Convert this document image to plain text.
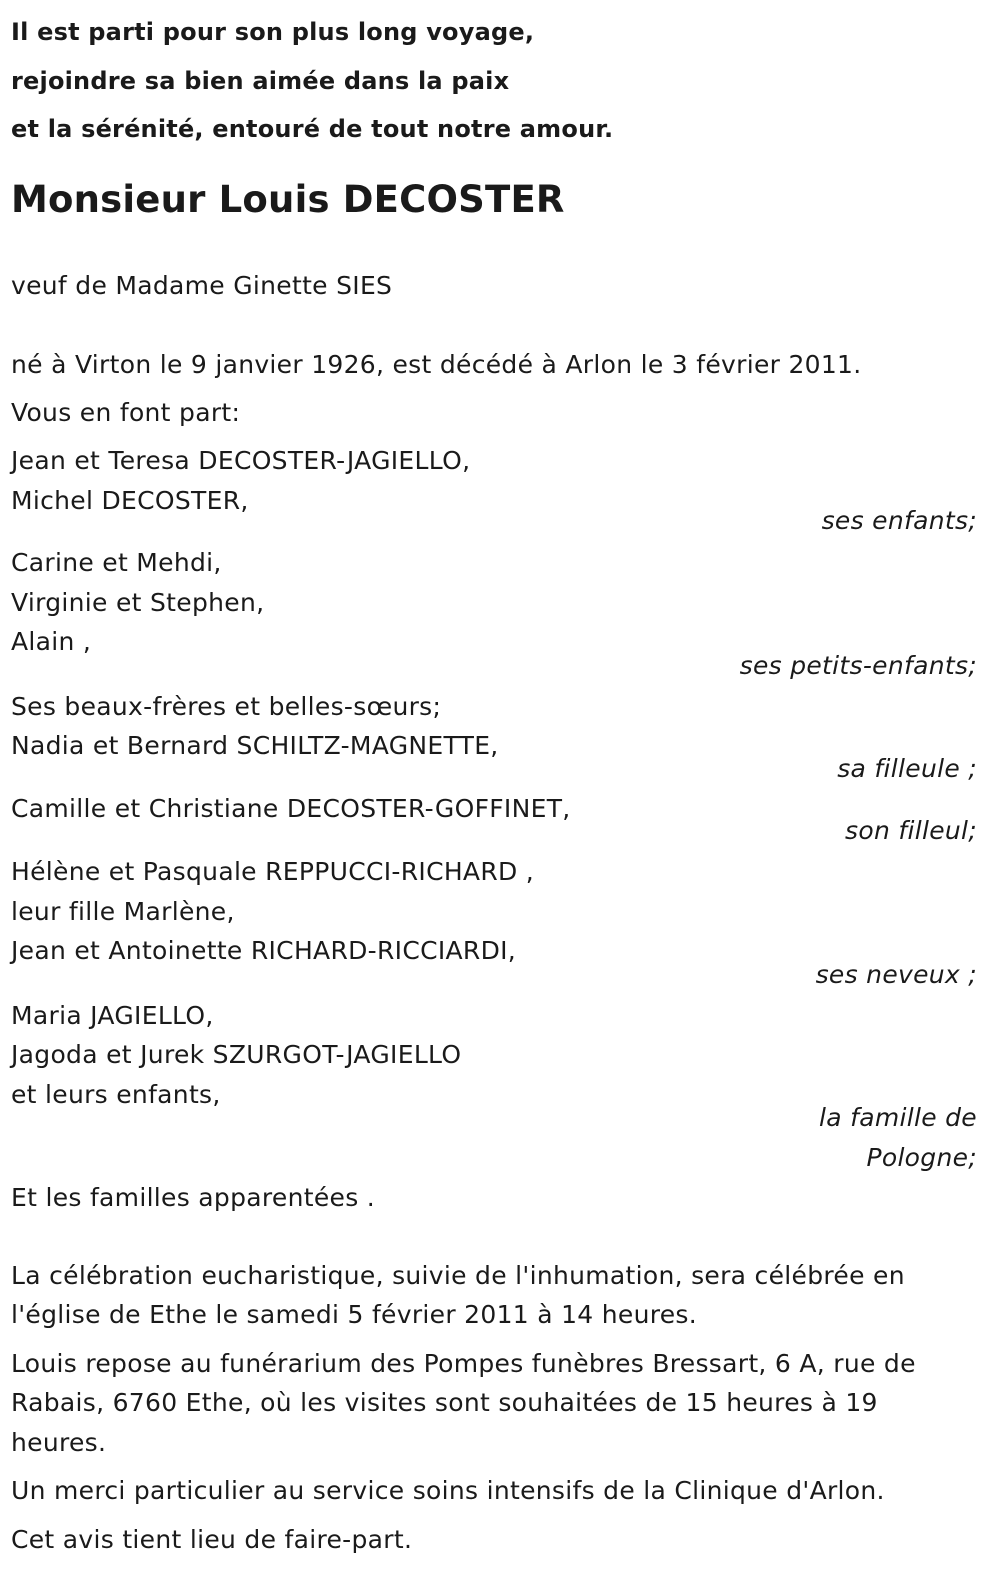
Il est parti pour son plus long voyage,
rejoindre sa bien aimée dans la paix
et la sérénité, entouré de tout notre amour.
Monsieur Louis DECOSTER
veuf de Madame Ginette SIES
né à Virton le 9 janvier 1926, est décédé à Arlon le 3 février 2011.
Vous en font part:
Jean et Teresa DECOSTER-JAGIELLO,
Michel DECOSTER,
ses enfants;
Carine et Mehdi,
Virginie et Stephen,
Alain ,
ses petits-enfants;
Ses beaux-frères et belles-sœurs;
Nadia et Bernard SCHILTZ-MAGNETTE,
sa filleule ;
Camille et Christiane DECOSTER-GOFFINET,
son filleul;
Hélène et Pasquale REPPUCCI-RICHARD ,
leur fille Marlène,
Jean et Antoinette RICHARD-RICCIARDI,
ses neveux ;
Maria JAGIELLO,
Jagoda et Jurek SZURGOT-JAGIELLO
et leurs enfants,
la famille de
Pologne;
Et les familles apparentées .
La célébration eucharistique, suivie de l'inhumation, sera célébrée en l'église de Ethe le samedi 5 février 2011 à 14 heures.
Louis repose au funérarium des Pompes funèbres Bressart, 6 A, rue de Rabais, 6760 Ethe, où les visites sont souhaitées de 15 heures à 19 heures.
Un merci particulier au service soins intensifs de la Clinique d'Arlon.
Cet avis tient lieu de faire-part.
